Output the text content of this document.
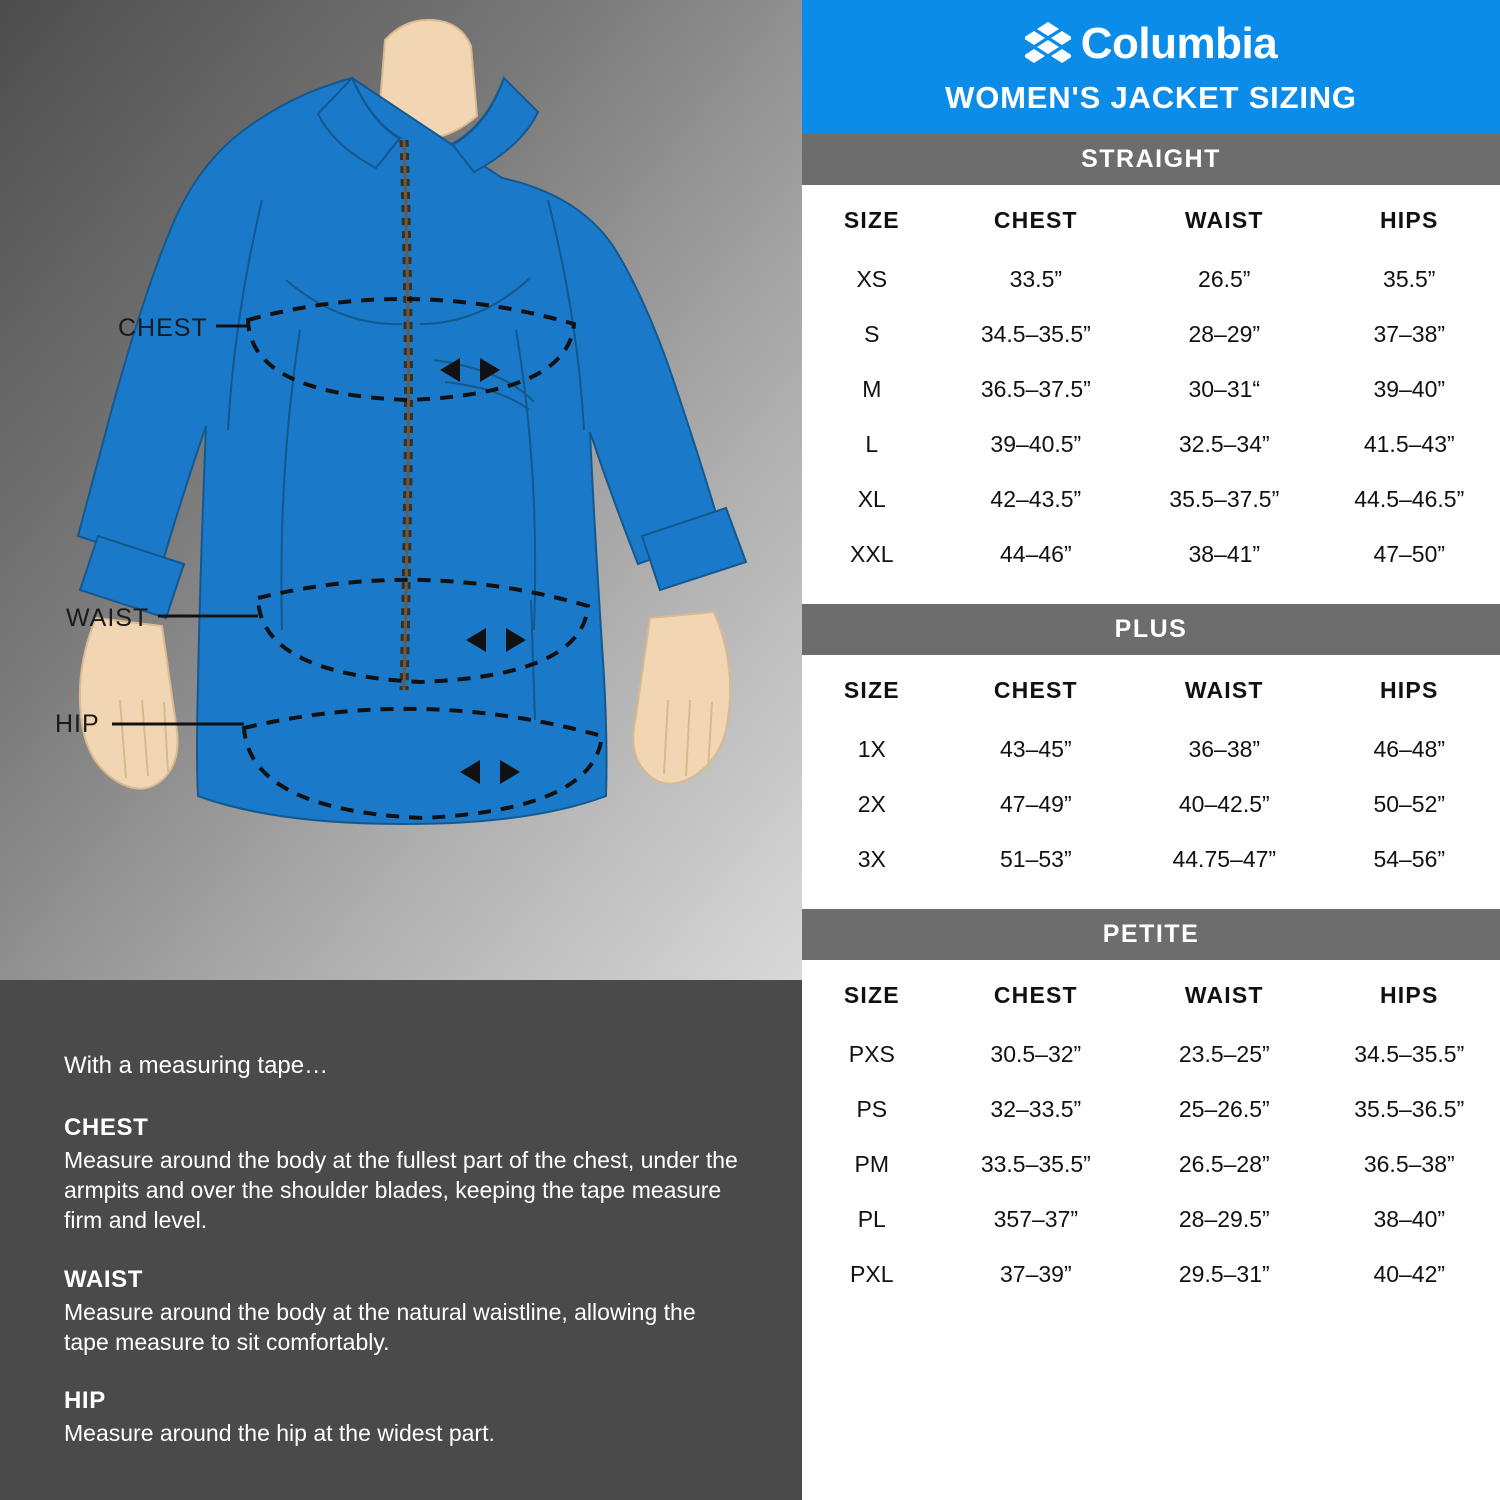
CHEST
WAIST
HIP

With a measuring tape…

CHEST

Measure around the body at the fullest part of the chest, under the armpits and over the shoulder blades, keeping the tape measure firm and level.

WAIST

Measure around the body at the natural waistline, allowing the tape measure to sit comfortably.

HIP

Measure around the hip at the widest part.

Columbia
WOMEN'S JACKET SIZING
STRAIGHT
SIZE	CHEST	WAIST	HIPS
XS	33.5”	26.5”	35.5”
S	34.5–35.5”	28–29”	37–38”
M	36.5–37.5”	30–31“	39–40”
L	39–40.5”	32.5–34”	41.5–43”
XL	42–43.5”	35.5–37.5”	44.5–46.5”
XXL	44–46”	38–41”	47–50”
PLUS
SIZE	CHEST	WAIST	HIPS
1X	43–45”	36–38”	46–48”
2X	47–49”	40–42.5”	50–52”
3X	51–53”	44.75–47”	54–56”
PETITE
SIZE	CHEST	WAIST	HIPS
PXS	30.5–32”	23.5–25”	34.5–35.5”
PS	32–33.5”	25–26.5”	35.5–36.5”
PM	33.5–35.5”	26.5–28”	36.5–38”
PL	357–37”	28–29.5”	38–40”
PXL	37–39”	29.5–31”	40–42”
